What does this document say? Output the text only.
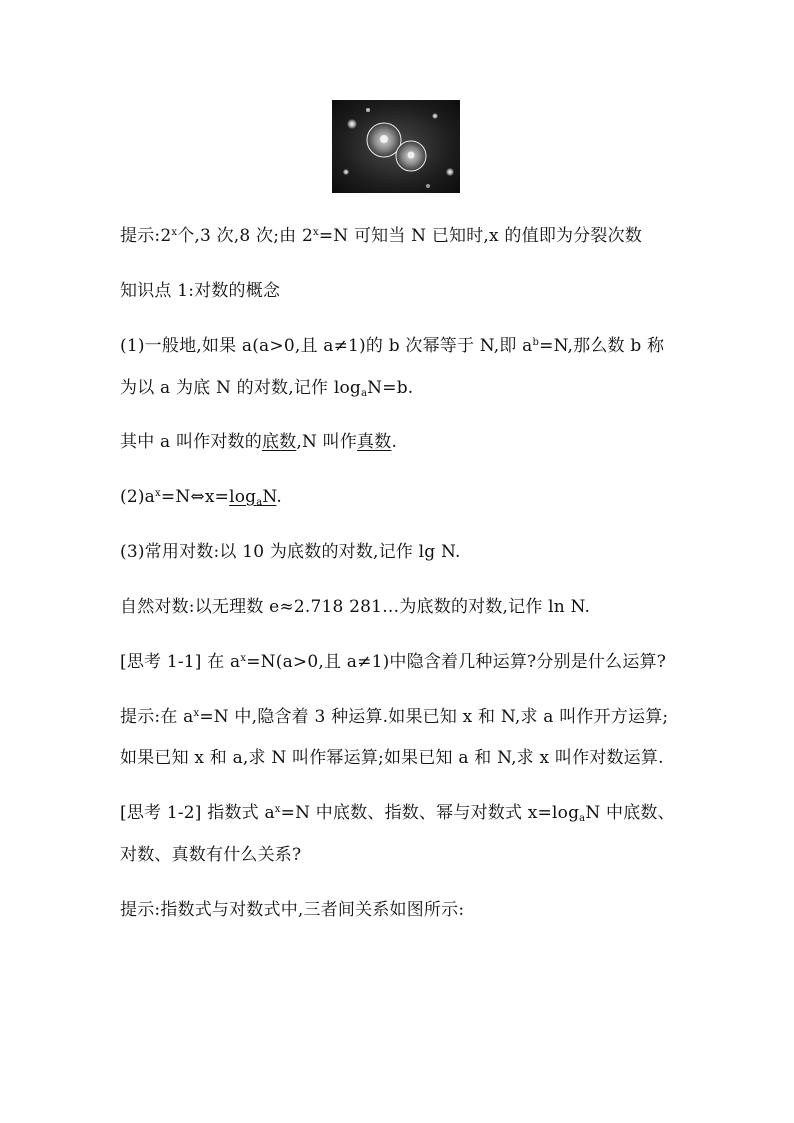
提示:2$^x$个,3 次,8 次;由 $2^x=N$ 可知当 N 已知时,x 的值即为分裂次数
知识点 1:对数的概念
(1)一般地,如果 a(a>0,且 a≠1)的 b 次幂等于 N,即 $a^b=N$,那么数 b 称
为以 a 为底 N 的对数,记作 $\log_aN=b$.
其中 a 叫作对数的底数,N 叫作真数.
$(2)a^x=N\Leftrightarrow x=\log_aN$.
(3)常用对数:以 10 为底数的对数,记作 lg N.
自然对数:以无理数 e≈2.718 281…为底数的对数,记作 ln N.
[思考 1-1] 在 $a^x=N(a>0$,且 a≠1)中隐含着几种运算?分别是什么运算?
提示:在 $a^x=N$ 中,隐含着 3 种运算.如果已知 x 和 N,求 a 叫作开方运算;
如果已知 x 和 a,求 N 叫作幂运算;如果已知 a 和 N,求 x 叫作对数运算.
[思考 1-2] 指数式 $a^x=N$ 中底数、指数、幂与对数式 $x=\log_aN$ 中底数、
对数、真数有什么关系?
提示:指数式与对数式中,三者间关系如图所示:
